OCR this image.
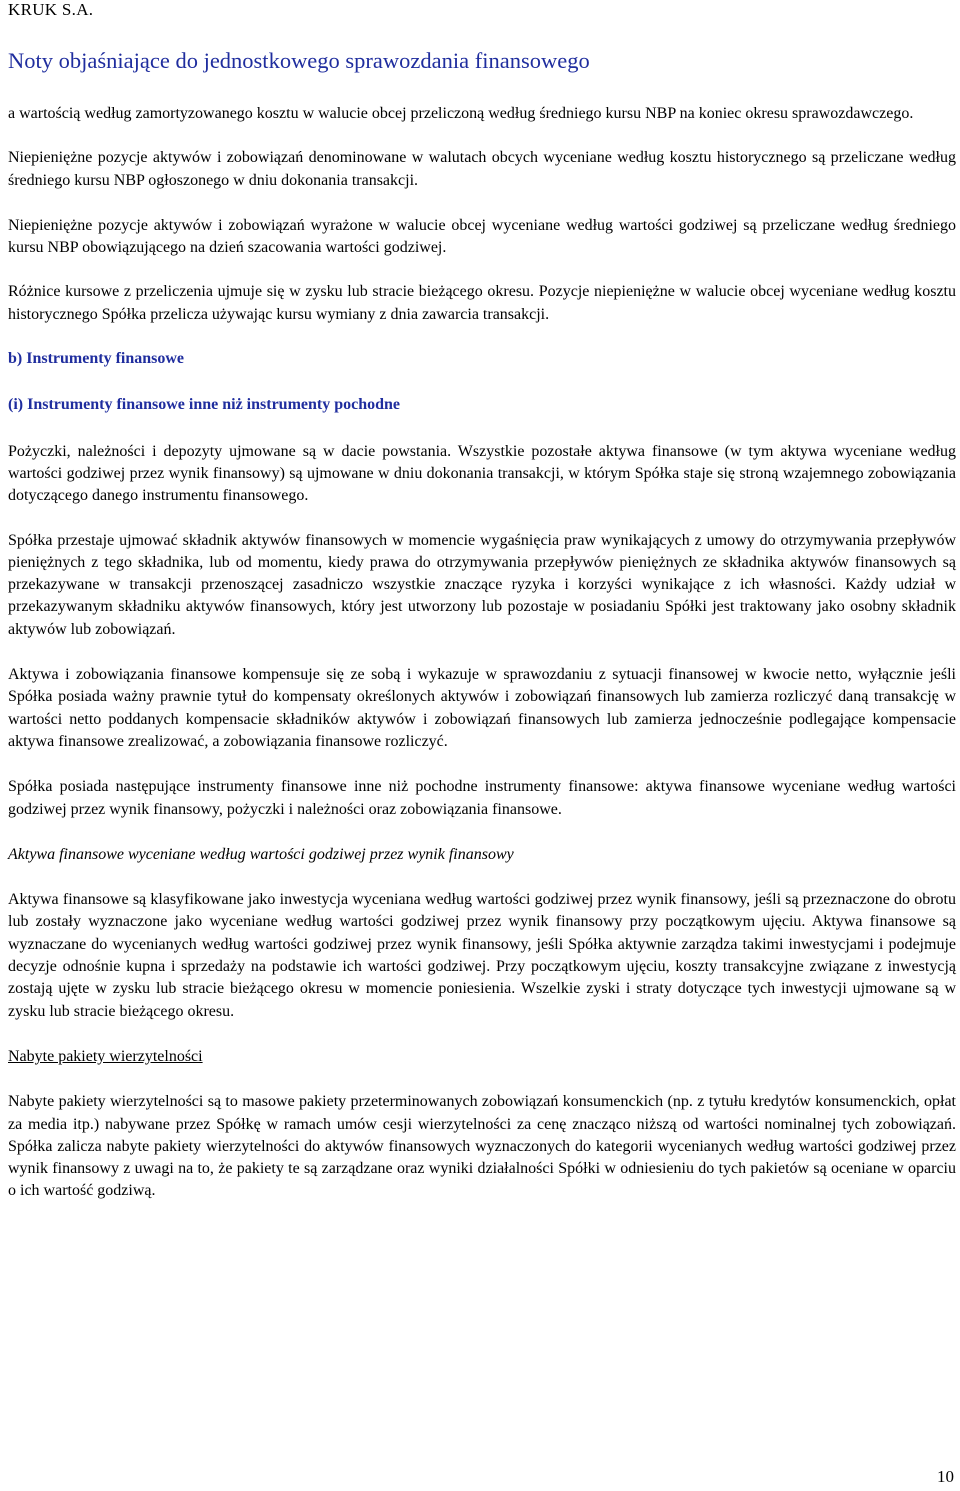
KRUK S.A.
Noty objaśniające do jednostkowego sprawozdania finansowego

a wartością według zamortyzowanego kosztu w walucie obcej przeliczoną według średniego kursu NBP na koniec okresu sprawozdawczego.

Niepieniężne pozycje aktywów i zobowiązań denominowane w walutach obcych wyceniane według kosztu historycznego są przeliczane według średniego kursu NBP ogłoszonego w dniu dokonania transakcji.

Niepieniężne pozycje aktywów i zobowiązań wyrażone w walucie obcej wyceniane według wartości godziwej są przeliczane według średniego kursu NBP obowiązującego na dzień szacowania wartości godziwej.

Różnice kursowe z przeliczenia ujmuje się w zysku lub stracie bieżącego okresu. Pozycje niepieniężne w walucie obcej wyceniane według kosztu historycznego Spółka przelicza używając kursu wymiany z dnia zawarcia transakcji.

b) Instrumenty finansowe

(i) Instrumenty finansowe inne niż instrumenty pochodne

Pożyczki, należności i depozyty ujmowane są w dacie powstania. Wszystkie pozostałe aktywa finansowe (w tym aktywa wyceniane według wartości godziwej przez wynik finansowy) są ujmowane w dniu dokonania transakcji, w którym Spółka staje się stroną wzajemnego zobowiązania dotyczącego danego instrumentu finansowego.

Spółka przestaje ujmować składnik aktywów finansowych w momencie wygaśnięcia praw wynikających z umowy do otrzymywania przepływów pieniężnych z tego składnika, lub od momentu, kiedy prawa do otrzymywania przepływów pieniężnych ze składnika aktywów finansowych są przekazywane w transakcji przenoszącej zasadniczo wszystkie znaczące ryzyka i korzyści wynikające z ich własności. Każdy udział w przekazywanym składniku aktywów finansowych, który jest utworzony lub pozostaje w posiadaniu Spółki jest traktowany jako osobny składnik aktywów lub zobowiązań.

Aktywa i zobowiązania finansowe kompensuje się ze sobą i wykazuje w sprawozdaniu z sytuacji finansowej w kwocie netto, wyłącznie jeśli Spółka posiada ważny prawnie tytuł do kompensaty określonych aktywów i zobowiązań finansowych lub zamierza rozliczyć daną transakcję w wartości netto poddanych kompensacie składników aktywów i zobowiązań finansowych lub zamierza jednocześnie podlegające kompensacie aktywa finansowe zrealizować, a zobowiązania finansowe rozliczyć.

Spółka posiada następujące instrumenty finansowe inne niż pochodne instrumenty finansowe: aktywa finansowe wyceniane według wartości godziwej przez wynik finansowy, pożyczki i należności oraz zobowiązania finansowe.

Aktywa finansowe wyceniane według wartości godziwej przez wynik finansowy

Aktywa finansowe są klasyfikowane jako inwestycja wyceniana według wartości godziwej przez wynik finansowy, jeśli są przeznaczone do obrotu lub zostały wyznaczone jako wyceniane według wartości godziwej przez wynik finansowy przy początkowym ujęciu. Aktywa finansowe są wyznaczane do wycenianych według wartości godziwej przez wynik finansowy, jeśli Spółka aktywnie zarządza takimi inwestycjami i podejmuje decyzje odnośnie kupna i sprzedaży na podstawie ich wartości godziwej. Przy początkowym ujęciu, koszty transakcyjne związane z inwestycją zostają ujęte w zysku lub stracie bieżącego okresu w momencie poniesienia. Wszelkie zyski i straty dotyczące tych inwestycji ujmowane są w zysku lub stracie bieżącego okresu.

Nabyte pakiety wierzytelności

Nabyte pakiety wierzytelności są to masowe pakiety przeterminowanych zobowiązań konsumenckich (np. z tytułu kredytów konsumenckich, opłat za media itp.) nabywane przez Spółkę w ramach umów cesji wierzytelności za cenę znacząco niższą od wartości nominalnej tych zobowiązań. Spółka zalicza nabyte pakiety wierzytelności do aktywów finansowych wyznaczonych do kategorii wycenianych według wartości godziwej przez wynik finansowy z uwagi na to, że pakiety te są zarządzane oraz wyniki działalności Spółki w odniesieniu do tych pakietów są oceniane w oparciu o ich wartość godziwą.

10
